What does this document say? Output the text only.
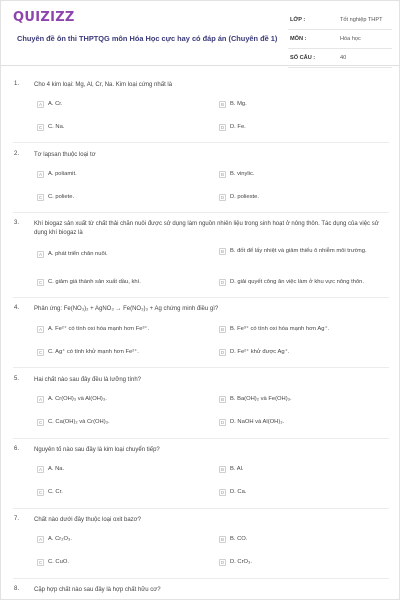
QUIZIZZ
Chuyên đề ôn thi THPTQG môn Hóa Học cực hay có đáp án (Chuyên đề 1)
LỚP :	Tốt nghiệp THPT
MÔN :	Hóa học
SỐ CÂU :	40
1. Cho 4 kim loại: Mg, Al, Cr, Na. Kim loại cứng nhất là
A	A. Cr.	B	B. Mg.
C	C. Na.	D	D. Fe.
2. Tơ lapsan thuộc loại tơ
A	A. poliamit.	B	B. vinylic.
C	C. poliete.	D	D. polieste.
3. Khí biogaz sản xuất từ chất thải chăn nuôi được sử dụng làm nguồn nhiên liệu trong sinh hoạt ở nông thôn. Tác dụng của việc sử dụng khí biogaz là
A	A. phát triển chăn nuôi.	B	B. đốt để lấy nhiệt và giảm thiểu ô nhiễm môi trường.
C	C. giảm giá thành sản xuất dầu, khí.	D	D. giải quyết công ăn việc làm ở khu vực nông thôn.
4. Phản ứng: Fe(NO₃)₂ + AgNO₃ → Fe(NO₃)₃ + Ag chứng minh điều gì?
A	A. Fe²⁺ có tính oxi hóa mạnh hơn Fe³⁺.	B	B. Fe³⁺ có tính oxi hóa mạnh hơn Ag⁺.
C	C. Ag⁺ có tính khử mạnh hơn Fe²⁺.	D	D. Fe²⁺ khử được Ag⁺.
5. Hai chất nào sau đây đều là lưỡng tính?
A	A. Cr(OH)₃ và Al(OH)₃.	B	B. Ba(OH)₂ và Fe(OH)₃.
C	C. Ca(OH)₂ và Cr(OH)₃.	D	D. NaOH và Al(OH)₃.
6. Nguyên tố nào sau đây là kim loại chuyển tiếp?
A	A. Na.	B	B. Al.
C	C. Cr.	D	D. Ca.
7. Chất nào dưới đây thuộc loại oxit bazơ?
A	A. Cr₂O₃.	B	B. CO.
C	C. CuO.	D	D. CrO₃.
8. Cặp hợp chất nào sau đây là hợp chất hữu cơ?
